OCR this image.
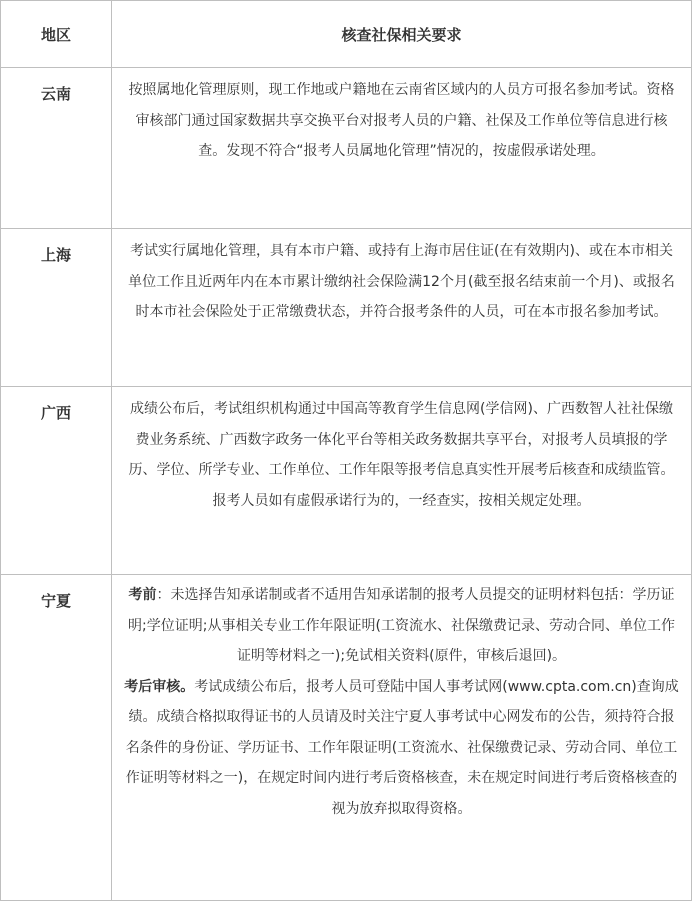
地区	核查社保相关要求
云南	按照属地化管理原则，现工作地或户籍地在云南省区域内的人员方可报名参加考试。资格审核部门通过国家数据共享交换平台对报考人员的户籍、社保及工作单位等信息进行核查。发现不符合“报考人员属地化管理”情况的，按虚假承诺处理。
上海	考试实行属地化管理，具有本市户籍、或持有上海市居住证(在有效期内)、或在本市相关单位工作且近两年内在本市累计缴纳社会保险满12个月(截至报名结束前一个月)、或报名时本市社会保险处于正常缴费状态，并符合报考条件的人员，可在本市报名参加考试。
广西	成绩公布后，考试组织机构通过中国高等教育学生信息网(学信网)、广西数智人社社保缴费业务系统、广西数字政务一体化平台等相关政务数据共享平台，对报考人员填报的学历、学位、所学专业、工作单位、工作年限等报考信息真实性开展考后核查和成绩监管。报考人员如有虚假承诺行为的，一经查实，按相关规定处理。
宁夏	考前：未选择告知承诺制或者不适用告知承诺制的报考人员提交的证明材料包括：学历证明;学位证明;从事相关专业工作年限证明(工资流水、社保缴费记录、劳动合同、单位工作证明等材料之一);免试相关资料(原件，审核后退回)。

考后审核。考试成绩公布后，报考人员可登陆中国人事考试网(www.cpta.com.cn)查询成绩。成绩合格拟取得证书的人员请及时关注宁夏人事考试中心网发布的公告，须持符合报名条件的身份证、学历证书、工作年限证明(工资流水、社保缴费记录、劳动合同、单位工作证明等材料之一)，在规定时间内进行考后资格核查，未在规定时间进行考后资格核查的视为放弃拟取得资格。
